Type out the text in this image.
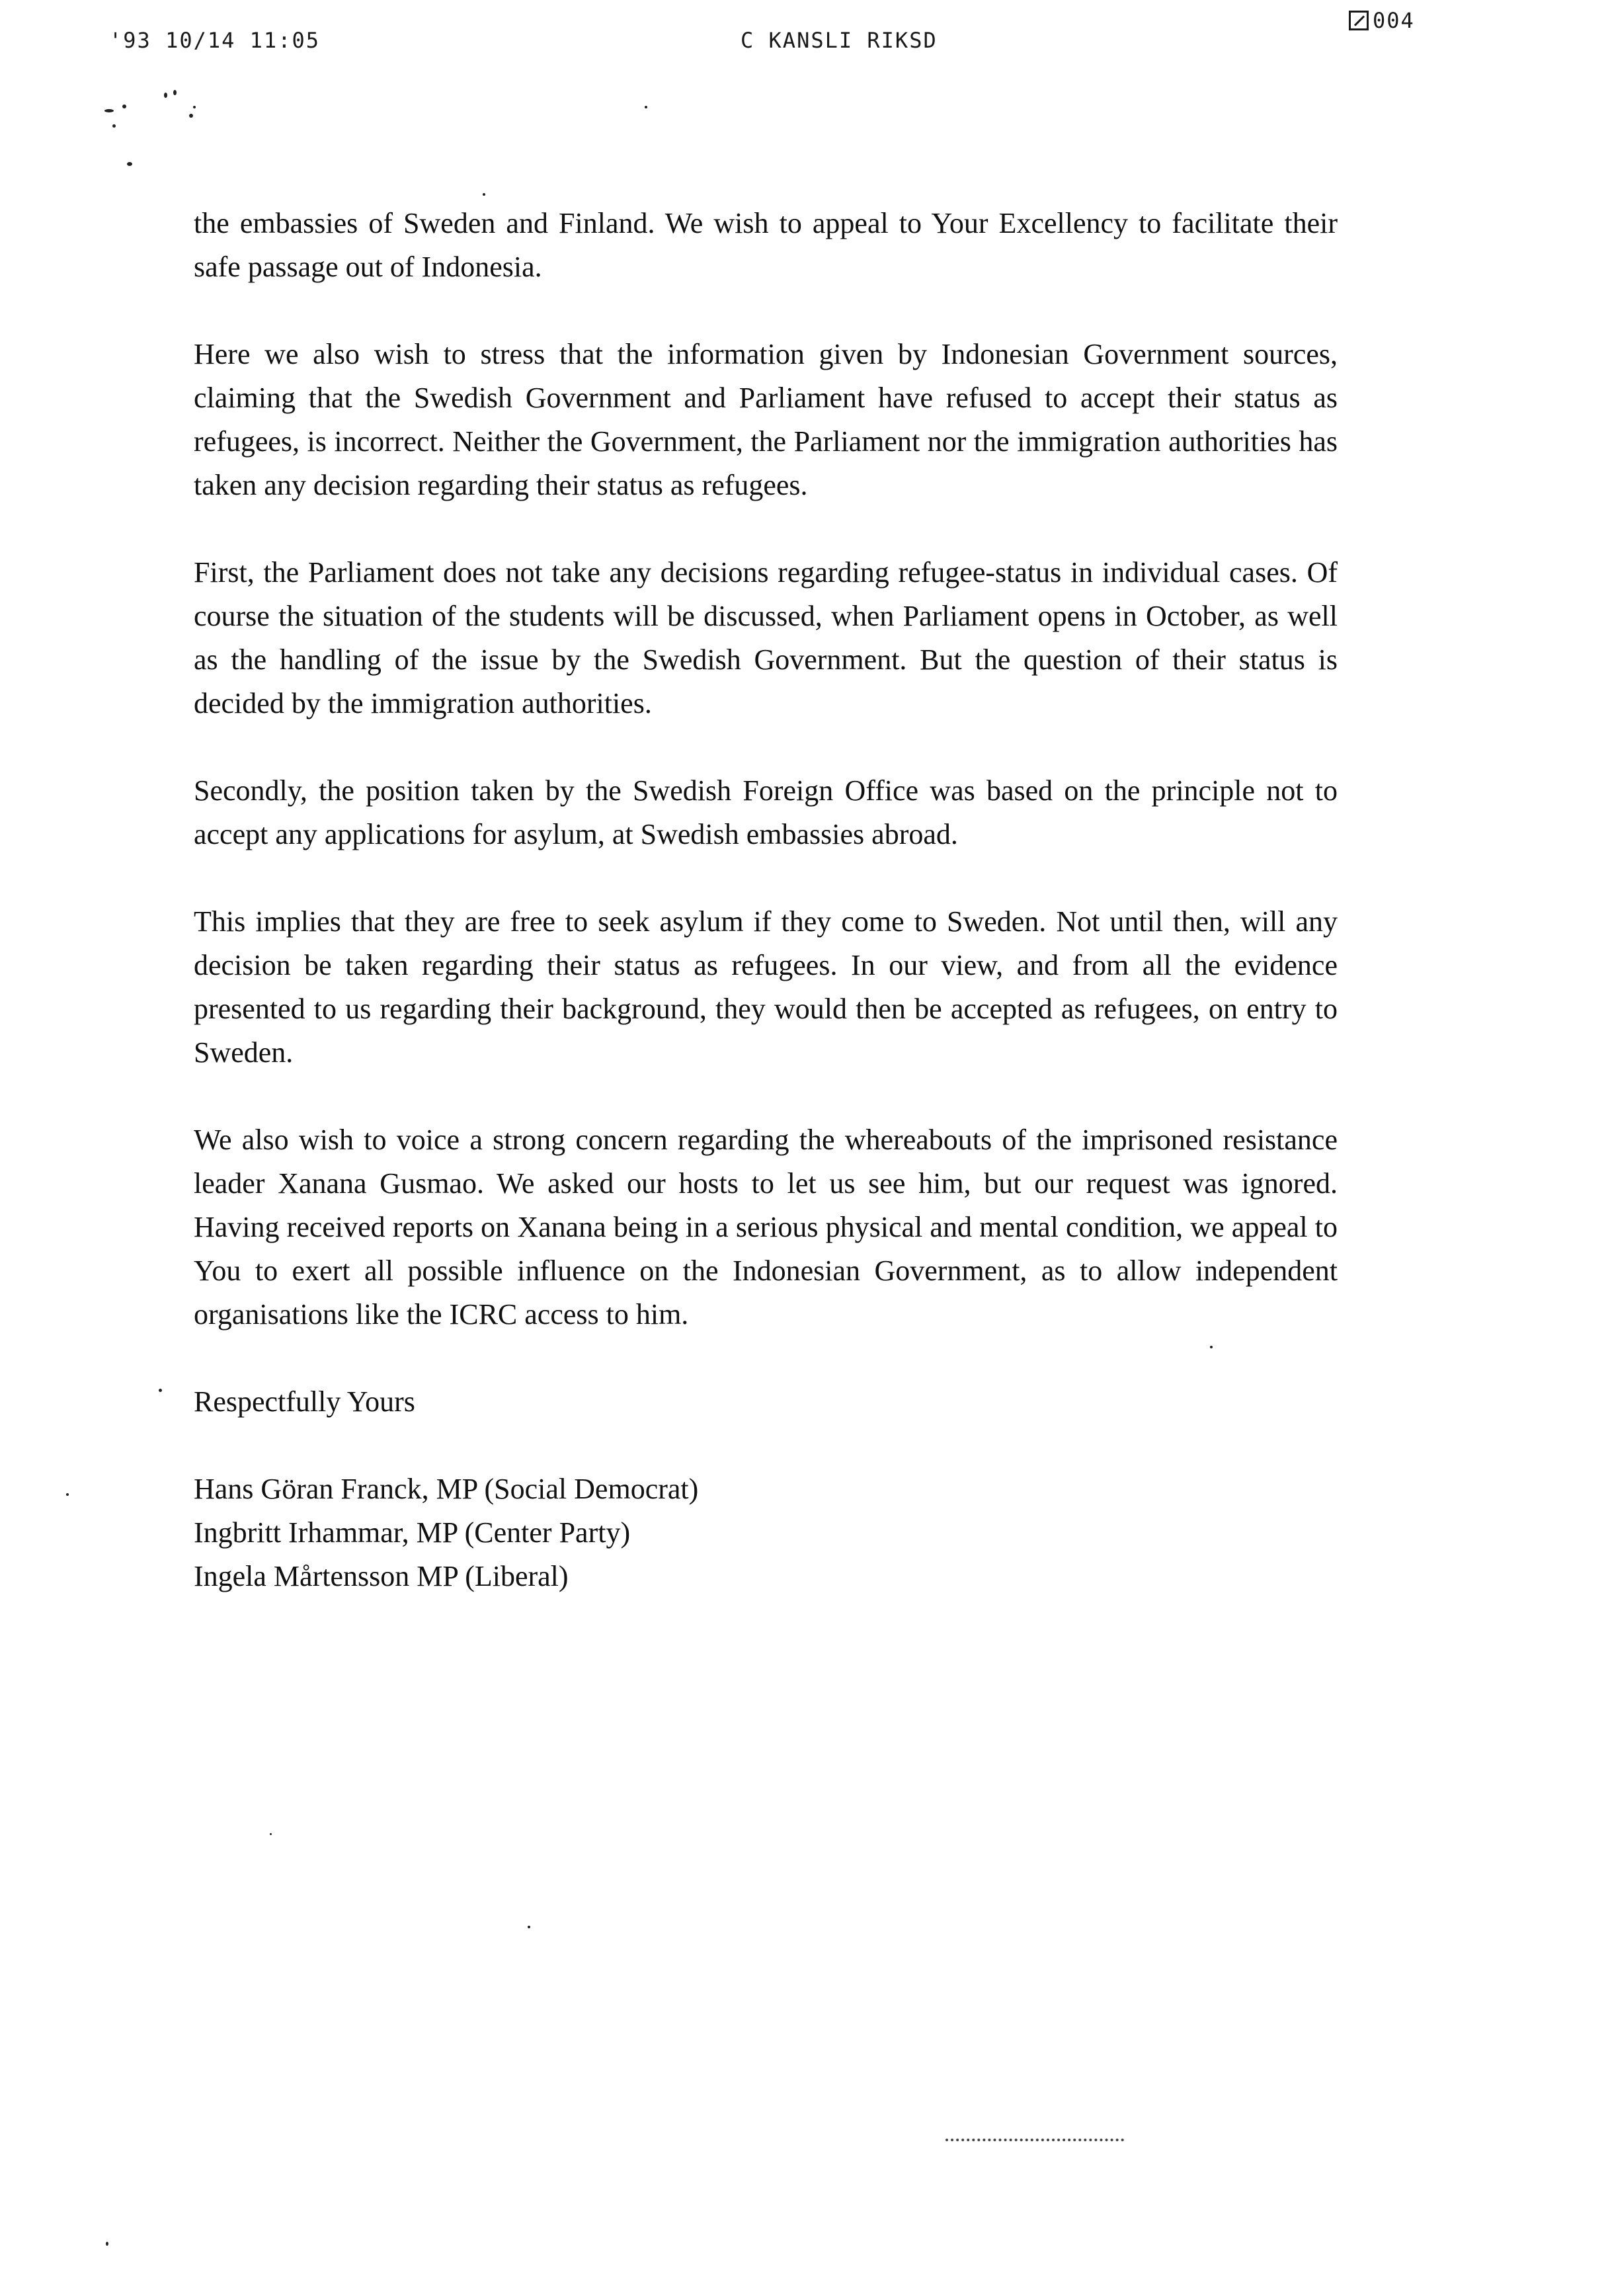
'93 10/14 11:05	C KANSLI RIKSD
004

the embassies of Sweden and Finland. We wish to appeal to Your Excellency to facilitate their safe passage out of Indonesia.

Here we also wish to stress that the information given by Indonesian Government sources, claiming that the Swedish Government and Parliament have refused to accept their status as refugees, is incorrect. Neither the Government, the Parliament nor the immigration authorities has taken any decision regarding their status as refugees.

First, the Parliament does not take any decisions regarding refugee-status in individual cases. Of course the situation of the students will be discussed, when Parliament opens in October, as well as the handling of the issue by the Swedish Government. But the question of their status is decided by the immigration authorities.

Secondly, the position taken by the Swedish Foreign Office was based on the principle not to accept any applications for asylum, at Swedish embassies abroad.

This implies that they are free to seek asylum if they come to Sweden. Not until then, will any decision be taken regarding their status as refugees. In our view, and from all the evidence presented to us regarding their background, they would then be accepted as refugees, on entry to Sweden.

We also wish to voice a strong concern regarding the whereabouts of the imprisoned resistance leader Xanana Gusmao. We asked our hosts to let us see him, but our request was ignored. Having received reports on Xanana being in a serious physical and mental condition, we appeal to You to exert all possible influence on the Indonesian Government, as to allow independent organisations like the ICRC access to him.

Respectfully Yours
Hans Göran Franck, MP (Social Democrat)
Ingbritt Irhammar, MP (Center Party)
Ingela Mårtensson MP (Liberal)
